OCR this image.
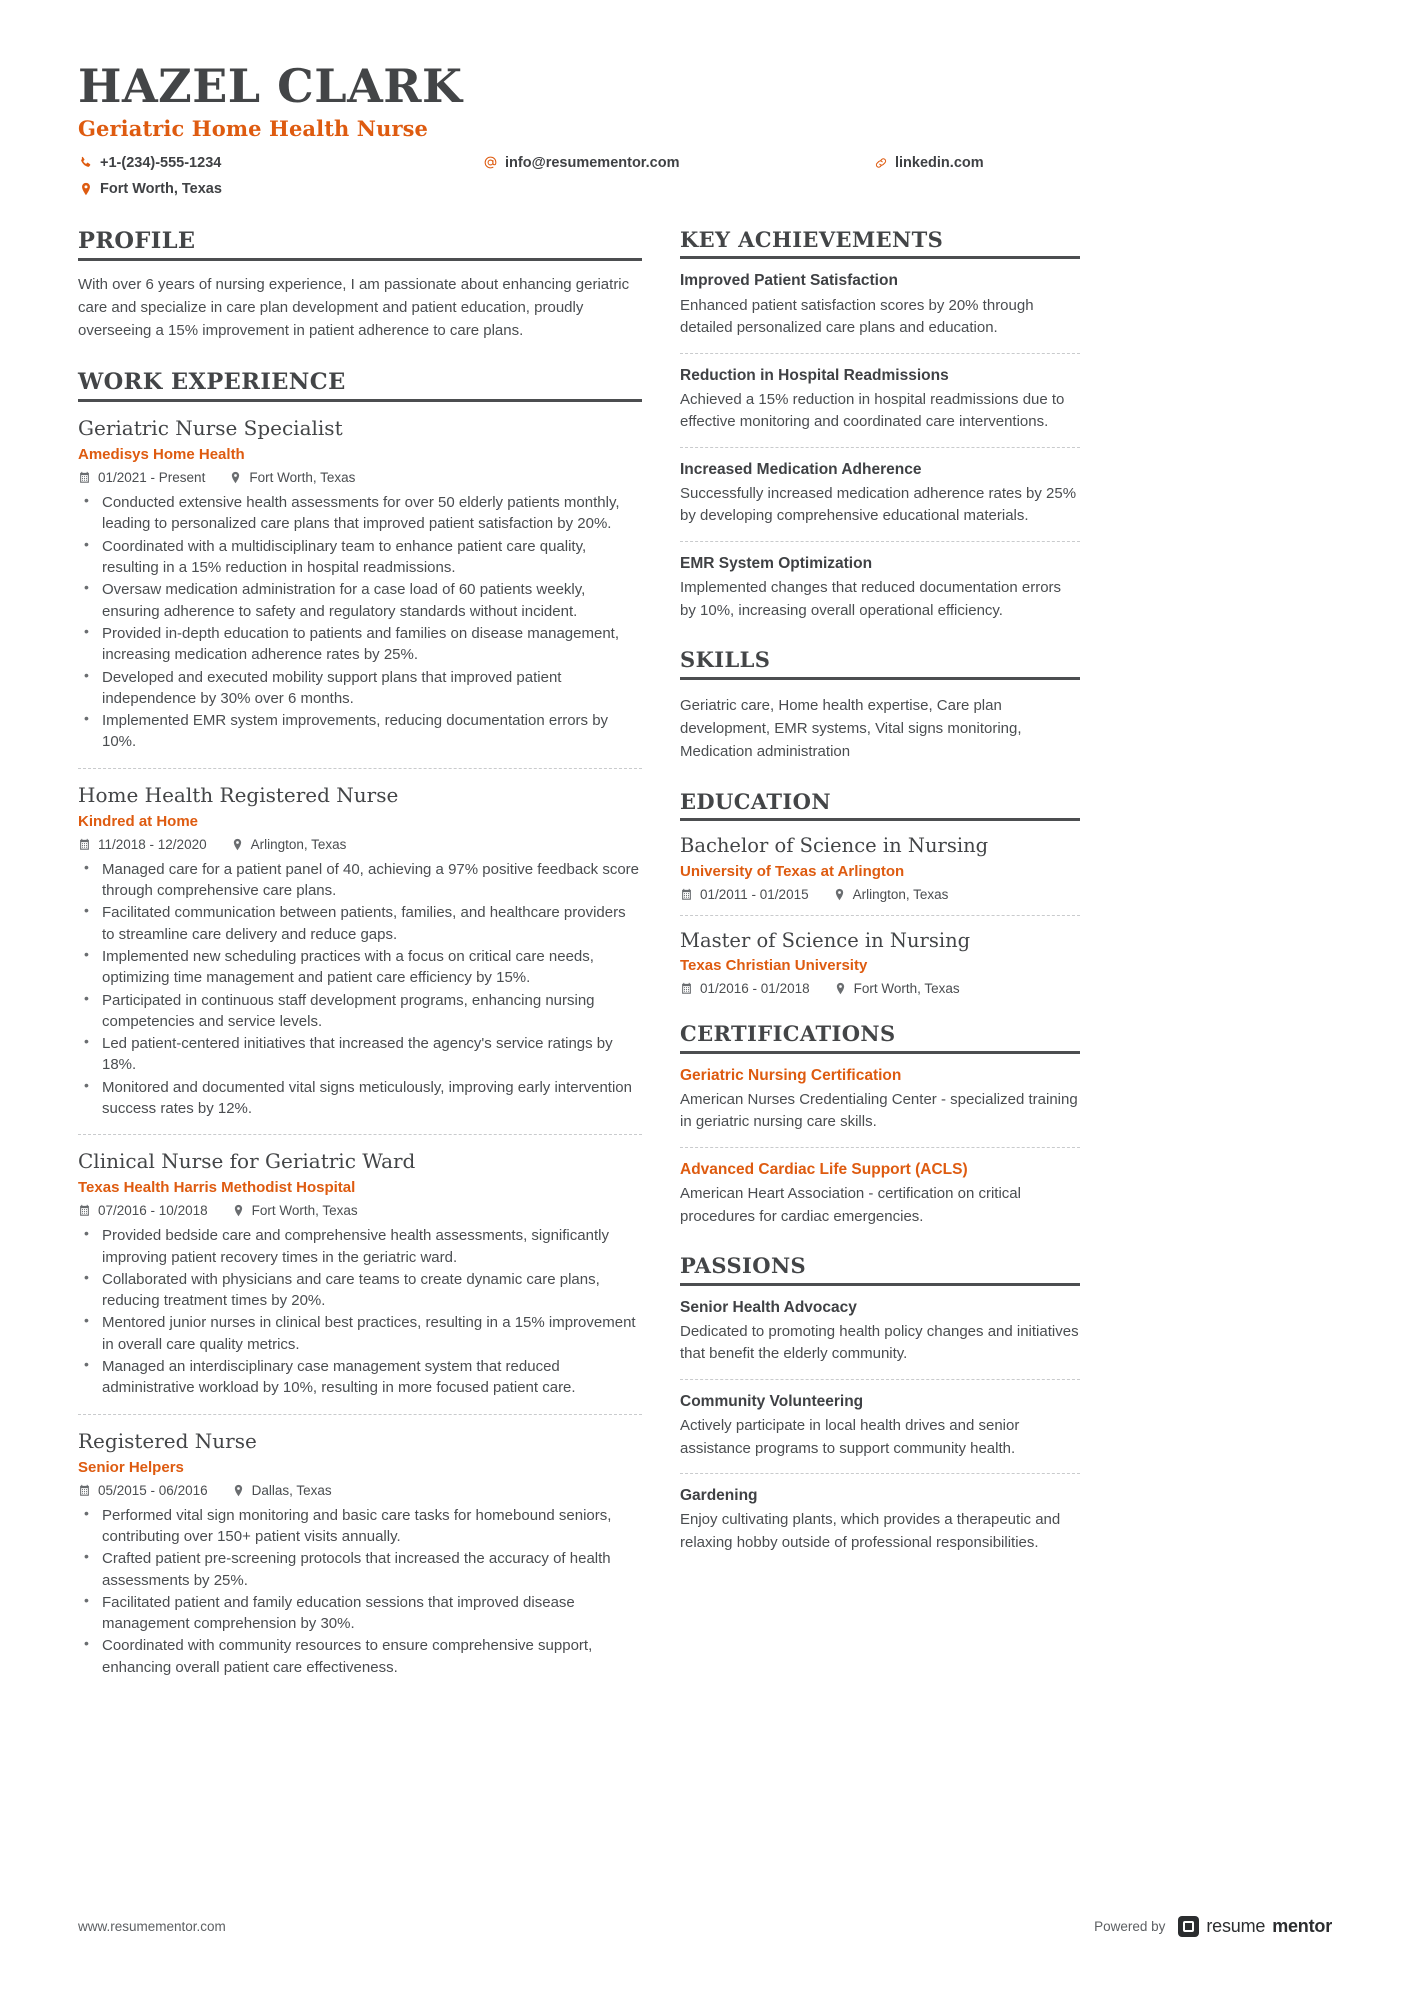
HAZEL CLARK
Geriatric Home Health Nurse
+1-(234)-555-1234
Fort Worth, Texas
info@resumementor.com	linkedin.com
PROFILE
With over 6 years of nursing experience, I am passionate about enhancing geriatric care and specialize in care plan development and patient education, proudly overseeing a 15% improvement in patient adherence to care plans.
WORK EXPERIENCE
Geriatric Nurse Specialist
Amedisys Home Health
01/2021 - Present	Fort Worth, Texas
• Conducted extensive health assessments for over 50 elderly patients monthly, leading to personalized care plans that improved patient satisfaction by 20%.
• Coordinated with a multidisciplinary team to enhance patient care quality, resulting in a 15% reduction in hospital readmissions.
• Oversaw medication administration for a case load of 60 patients weekly, ensuring adherence to safety and regulatory standards without incident.
• Provided in-depth education to patients and families on disease management, increasing medication adherence rates by 25%.
• Developed and executed mobility support plans that improved patient independence by 30% over 6 months.
• Implemented EMR system improvements, reducing documentation errors by 10%.
Home Health Registered Nurse
Kindred at Home
11/2018 - 12/2020	Arlington, Texas
• Managed care for a patient panel of 40, achieving a 97% positive feedback score through comprehensive care plans.
• Facilitated communication between patients, families, and healthcare providers to streamline care delivery and reduce gaps.
• Implemented new scheduling practices with a focus on critical care needs, optimizing time management and patient care efficiency by 15%.
• Participated in continuous staff development programs, enhancing nursing competencies and service levels.
• Led patient-centered initiatives that increased the agency's service ratings by 18%.
• Monitored and documented vital signs meticulously, improving early intervention success rates by 12%.
Clinical Nurse for Geriatric Ward
Texas Health Harris Methodist Hospital
07/2016 - 10/2018	Fort Worth, Texas
• Provided bedside care and comprehensive health assessments, significantly improving patient recovery times in the geriatric ward.
• Collaborated with physicians and care teams to create dynamic care plans, reducing treatment times by 20%.
• Mentored junior nurses in clinical best practices, resulting in a 15% improvement in overall care quality metrics.
• Managed an interdisciplinary case management system that reduced administrative workload by 10%, resulting in more focused patient care.
Registered Nurse
Senior Helpers
05/2015 - 06/2016	Dallas, Texas
• Performed vital sign monitoring and basic care tasks for homebound seniors, contributing over 150+ patient visits annually.
• Crafted patient pre-screening protocols that increased the accuracy of health assessments by 25%.
• Facilitated patient and family education sessions that improved disease management comprehension by 30%.
• Coordinated with community resources to ensure comprehensive support, enhancing overall patient care effectiveness.
KEY ACHIEVEMENTS
Improved Patient Satisfaction
Enhanced patient satisfaction scores by 20% through detailed personalized care plans and education.
Reduction in Hospital Readmissions
Achieved a 15% reduction in hospital readmissions due to effective monitoring and coordinated care interventions.
Increased Medication Adherence
Successfully increased medication adherence rates by 25% by developing comprehensive educational materials.
EMR System Optimization
Implemented changes that reduced documentation errors by 10%, increasing overall operational efficiency.
SKILLS
Geriatric care, Home health expertise, Care plan development, EMR systems, Vital signs monitoring, Medication administration
EDUCATION
Bachelor of Science in Nursing
University of Texas at Arlington
01/2011 - 01/2015	Arlington, Texas
Master of Science in Nursing
Texas Christian University
01/2016 - 01/2018	Fort Worth, Texas
CERTIFICATIONS
Geriatric Nursing Certification
American Nurses Credentialing Center - specialized training in geriatric nursing care skills.
Advanced Cardiac Life Support (ACLS)
American Heart Association - certification on critical procedures for cardiac emergencies.
PASSIONS
Senior Health Advocacy
Dedicated to promoting health policy changes and initiatives that benefit the elderly community.
Community Volunteering
Actively participate in local health drives and senior assistance programs to support community health.
Gardening
Enjoy cultivating plants, which provides a therapeutic and relaxing hobby outside of professional responsibilities.
www.resumementor.com	Powered by resume mentor
